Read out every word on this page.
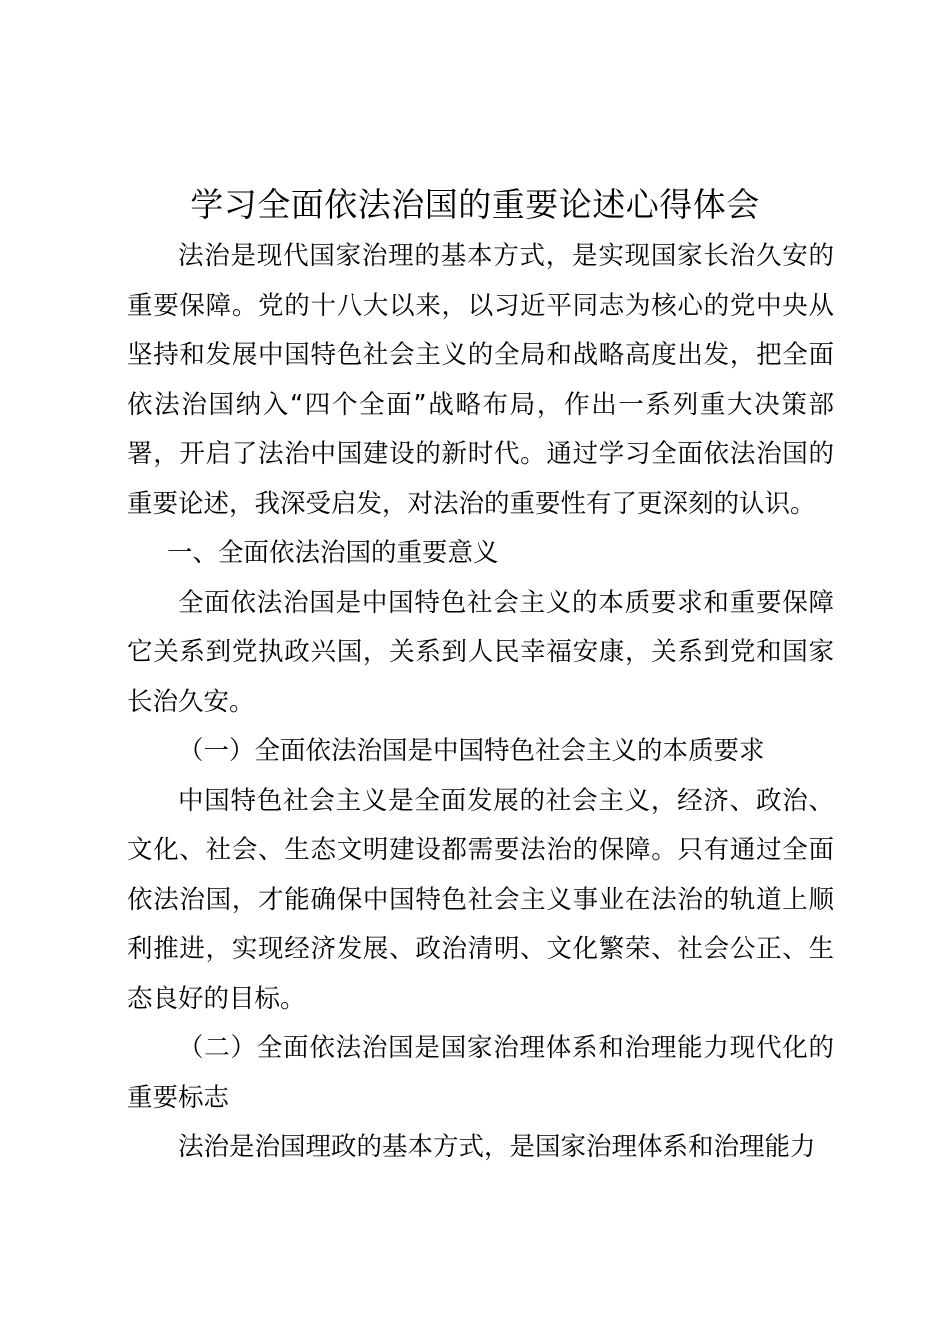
学习全面依法治国的重要论述心得体会

法治是现代国家治理的基本方式，是实现国家长治久安的重要保障。党的十八大以来，以习近平同志为核心的党中央从坚持和发展中国特色社会主义的全局和战略高度出发，把全面依法治国纳入“四个全面”战略布局，作出一系列重大决策部署，开启了法治中国建设的新时代。通过学习全面依法治国的重要论述，我深受启发，对法治的重要性有了更深刻的认识。

一、全面依法治国的重要意义

全面依法治国是中国特色社会主义的本质要求和重要保障它关系到党执政兴国，关系到人民幸福安康，关系到党和国家长治久安。

（一）全面依法治国是中国特色社会主义的本质要求

中国特色社会主义是全面发展的社会主义，经济、政治、文化、社会、生态文明建设都需要法治的保障。只有通过全面依法治国，才能确保中国特色社会主义事业在法治的轨道上顺利推进，实现经济发展、政治清明、文化繁荣、社会公正、生态良好的目标。

（二）全面依法治国是国家治理体系和治理能力现代化的重要标志

法治是治国理政的基本方式，是国家治理体系和治理能力
